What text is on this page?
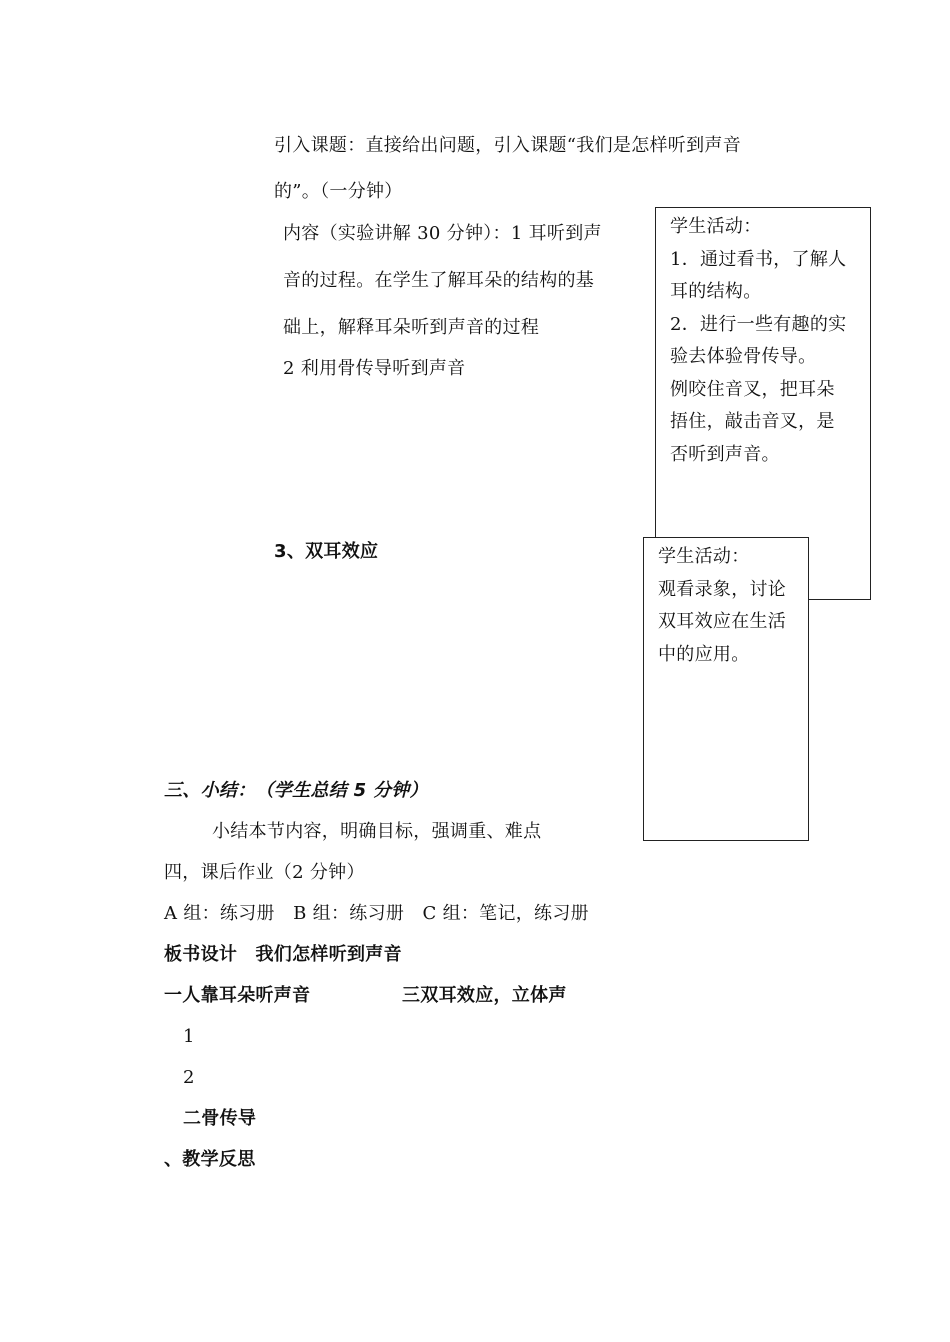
引入课题：直接给出问题，引入课题“我们是怎样听到声音
的”。（一分钟）
内容（实验讲解 30 分钟）：1 耳听到声
音的过程。在学生了解耳朵的结构的基
础上，解释耳朵听到声音的过程
2 利用骨传导听到声音
学生活动：
1．通过看书，了解人
耳的结构。
2．进行一些有趣的实
验去体验骨传导。
例咬住音叉，把耳朵
捂住，敲击音叉，是
否听到声音。
3、双耳效应	学生活动：
观看录象，讨论
双耳效应在生活
中的应用。
三、小结：（学生总结 5 分钟）
小结本节内容，明确目标，强调重、难点
四，课后作业（2 分钟）
A 组：练习册　B 组：练习册　C 组：笔记，练习册
板书设计　我们怎样听到声音
一人靠耳朵听声音	三双耳效应，立体声
1
2
二骨传导
、教学反思
